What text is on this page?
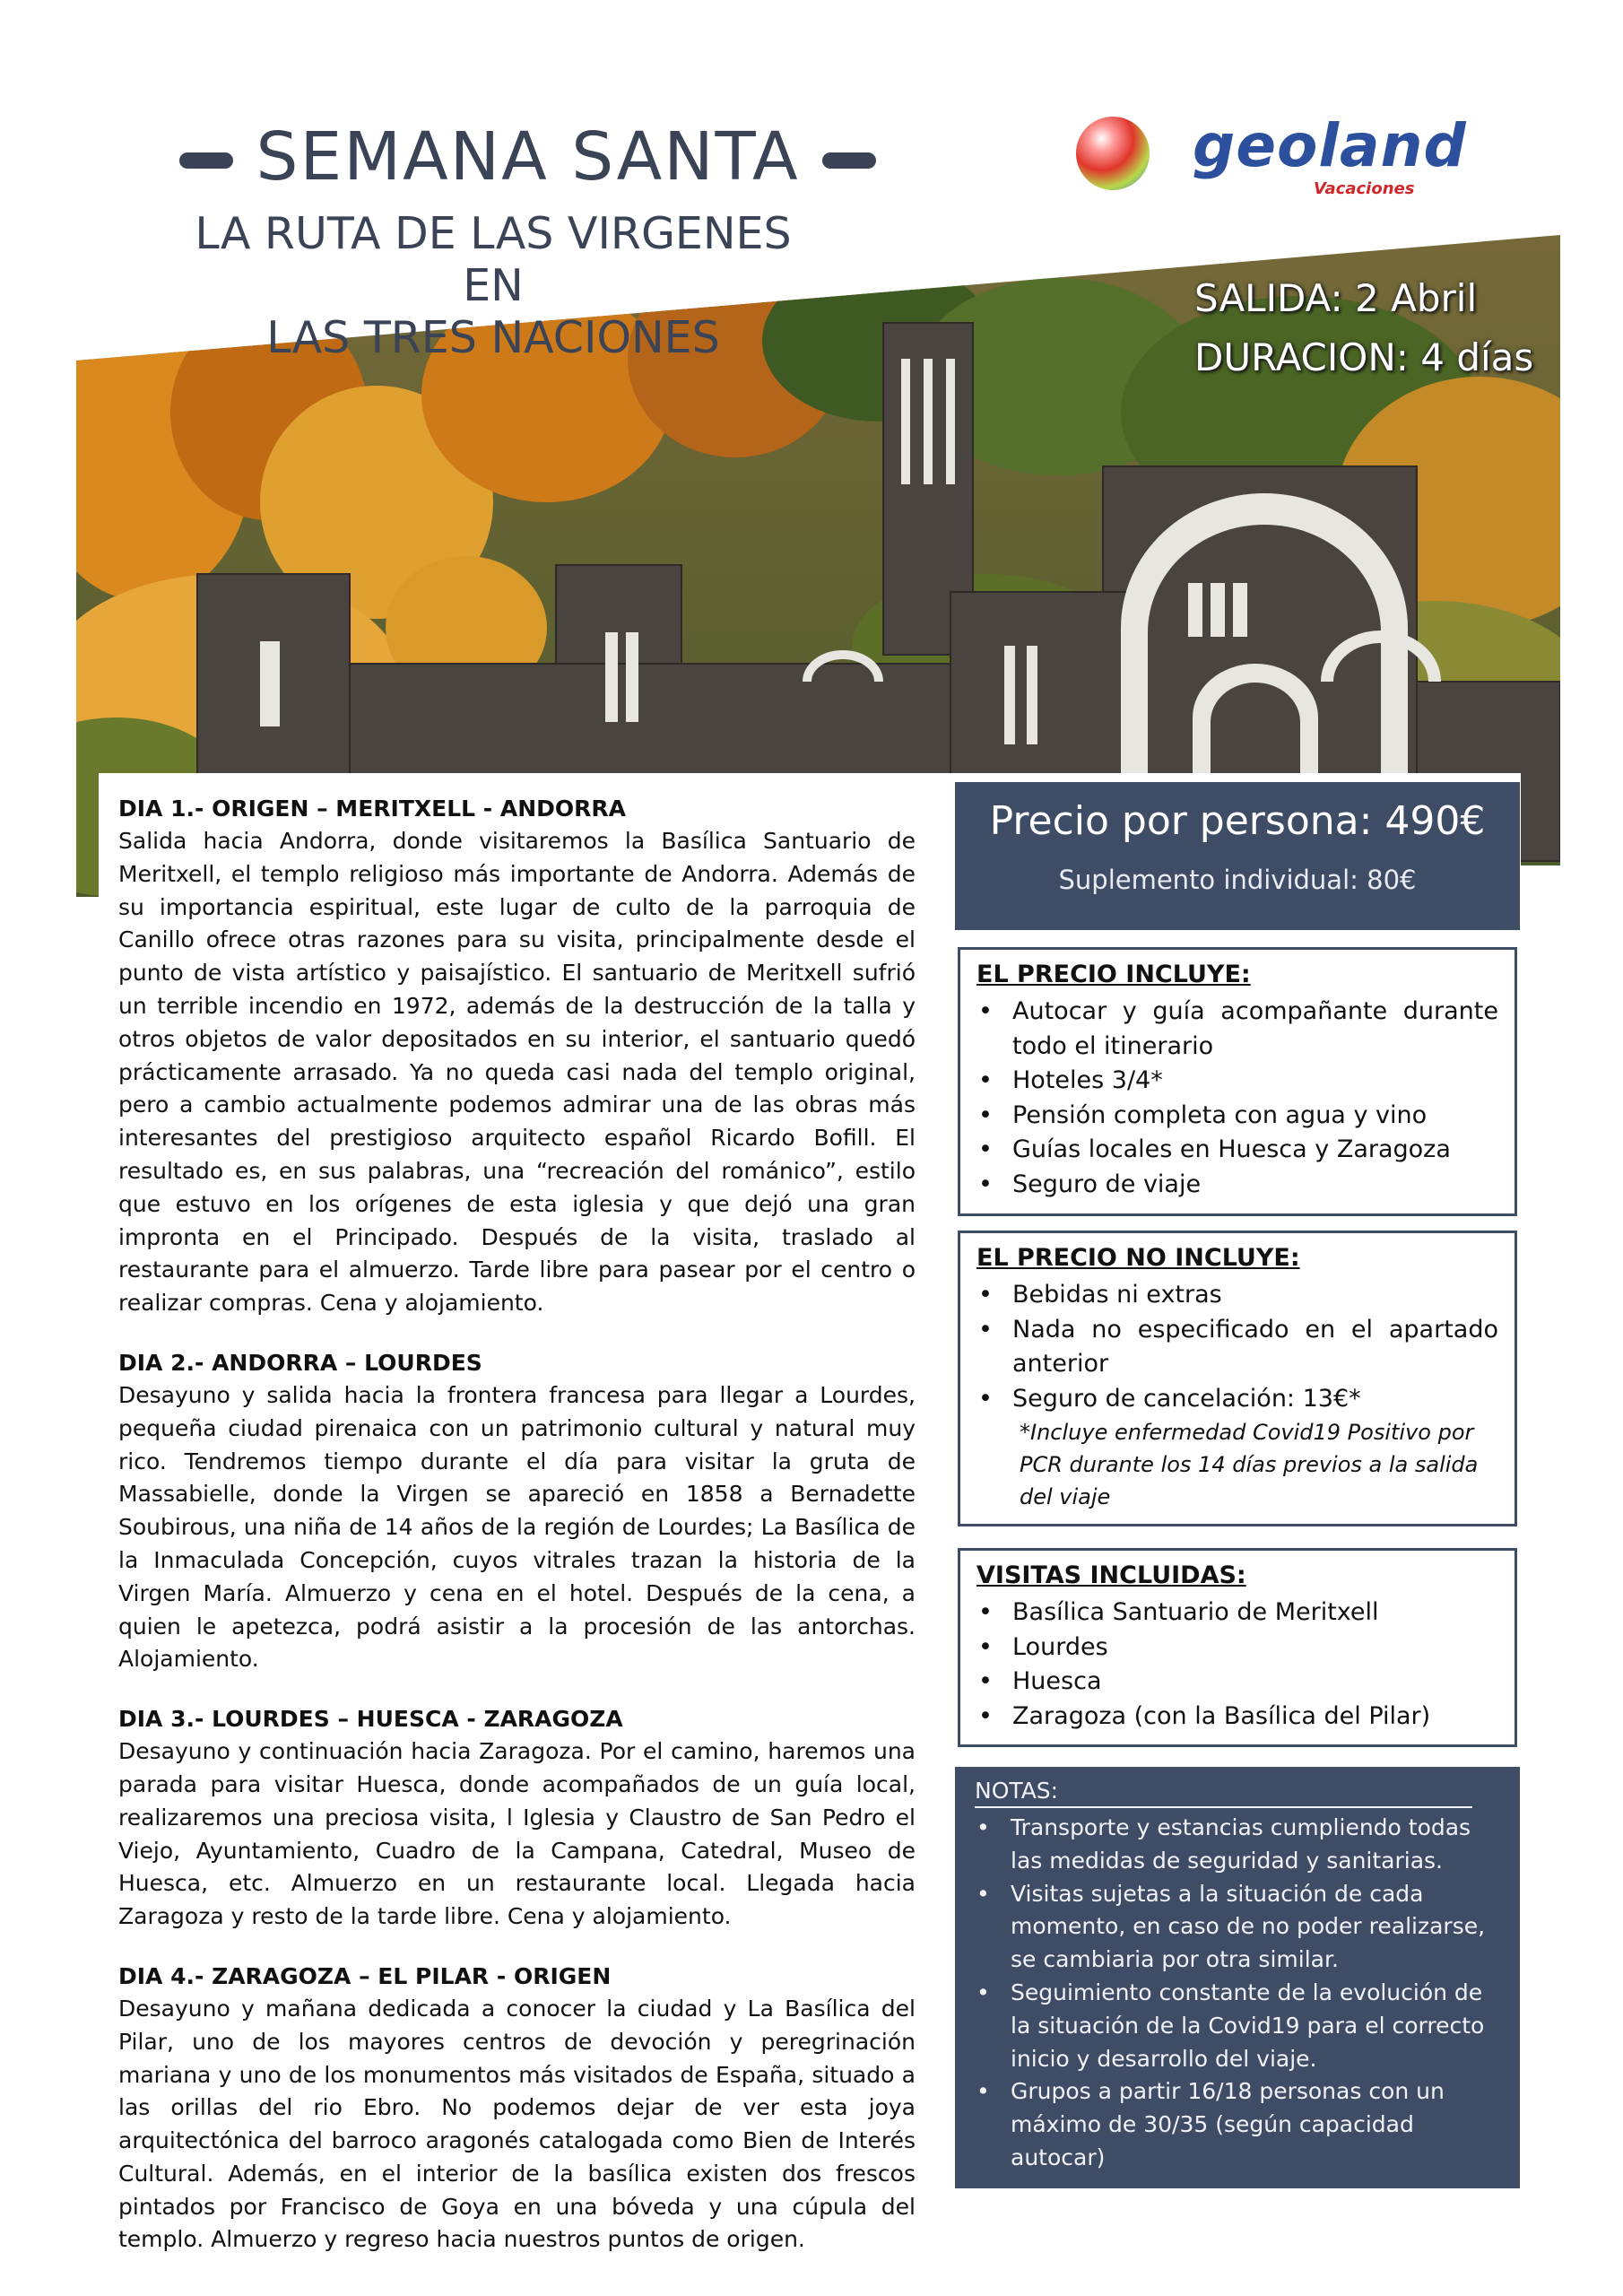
SEMANA SANTA
LA RUTA DE LAS VIRGENES EN
LAS TRES NACIONES
geoland
Vacaciones
SALIDA: 2 Abril
DURACION: 4 días
DIA 1.- ORIGEN – MERITXELL - ANDORRA

Salida hacia Andorra, donde visitaremos la Basílica Santuario de Meritxell, el templo religioso más importante de Andorra. Además de su importancia espiritual, este lugar de culto de la parroquia de Canillo ofrece otras razones para su visita, principalmente desde el punto de vista artístico y paisajístico. El santuario de Meritxell sufrió un terrible incendio en 1972, además de la destrucción de la talla y otros objetos de valor depositados en su interior, el santuario quedó prácticamente arrasado. Ya no queda casi nada del templo original, pero a cambio actualmente podemos admirar una de las obras más interesantes del prestigioso arquitecto español Ricardo Bofill. El resultado es, en sus palabras, una “recreación del románico”, estilo que estuvo en los orígenes de esta iglesia y que dejó una gran impronta en el Principado. Después de la visita, traslado al restaurante para el almuerzo. Tarde libre para pasear por el centro o realizar compras. Cena y alojamiento.

DIA 2.- ANDORRA – LOURDES

Desayuno y salida hacia la frontera francesa para llegar a Lourdes, pequeña ciudad pirenaica con un patrimonio cultural y natural muy rico. Tendremos tiempo durante el día para visitar la gruta de Massabielle, donde la Virgen se apareció en 1858 a Bernadette Soubirous, una niña de 14 años de la región de Lourdes; La Basílica de la Inmaculada Concepción, cuyos vitrales trazan la historia de la Virgen María. Almuerzo y cena en el hotel. Después de la cena, a quien le apetezca, podrá asistir a la procesión de las antorchas. Alojamiento.

DIA 3.- LOURDES – HUESCA - ZARAGOZA

Desayuno y continuación hacia Zaragoza. Por el camino, haremos una parada para visitar Huesca, donde acompañados de un guía local, realizaremos una preciosa visita, l Iglesia y Claustro de San Pedro el Viejo, Ayuntamiento, Cuadro de la Campana, Catedral, Museo de Huesca, etc. Almuerzo en un restaurante local. Llegada hacia Zaragoza y resto de la tarde libre. Cena y alojamiento.

DIA 4.- ZARAGOZA – EL PILAR - ORIGEN

Desayuno y mañana dedicada a conocer la ciudad y La Basílica del Pilar, uno de los mayores centros de devoción y peregrinación mariana y uno de los monumentos más visitados de España, situado a las orillas del rio Ebro. No podemos dejar de ver esta joya arquitectónica del barroco aragonés catalogada como Bien de Interés Cultural. Además, en el interior de la basílica existen dos frescos pintados por Francisco de Goya en una bóveda y una cúpula del templo. Almuerzo y regreso hacia nuestros puntos de origen.

Precio por persona: 490€
Suplemento individual: 80€
EL PRECIO INCLUYE:
• Autocar y guía acompañante durante todo el itinerario
• Hoteles 3/4*
• Pensión completa con agua y vino
• Guías locales en Huesca y Zaragoza
• Seguro de viaje
EL PRECIO NO INCLUYE:
• Bebidas ni extras
• Nada no especificado en el apartado anterior
• Seguro de cancelación: 13€*

*Incluye enfermedad Covid19 Positivo por PCR durante los 14 días previos a la salida del viaje

VISITAS INCLUIDAS:
• Basílica Santuario de Meritxell
• Lourdes
• Huesca
• Zaragoza (con la Basílica del Pilar)
NOTAS:
• Transporte y estancias cumpliendo todas las medidas de seguridad y sanitarias.
• Visitas sujetas a la situación de cada momento, en caso de no poder realizarse, se cambiaria por otra similar.
• Seguimiento constante de la evolución de la situación de la Covid19 para el correcto inicio y desarrollo del viaje.
• Grupos a partir 16/18 personas con un máximo de 30/35 (según capacidad autocar)
